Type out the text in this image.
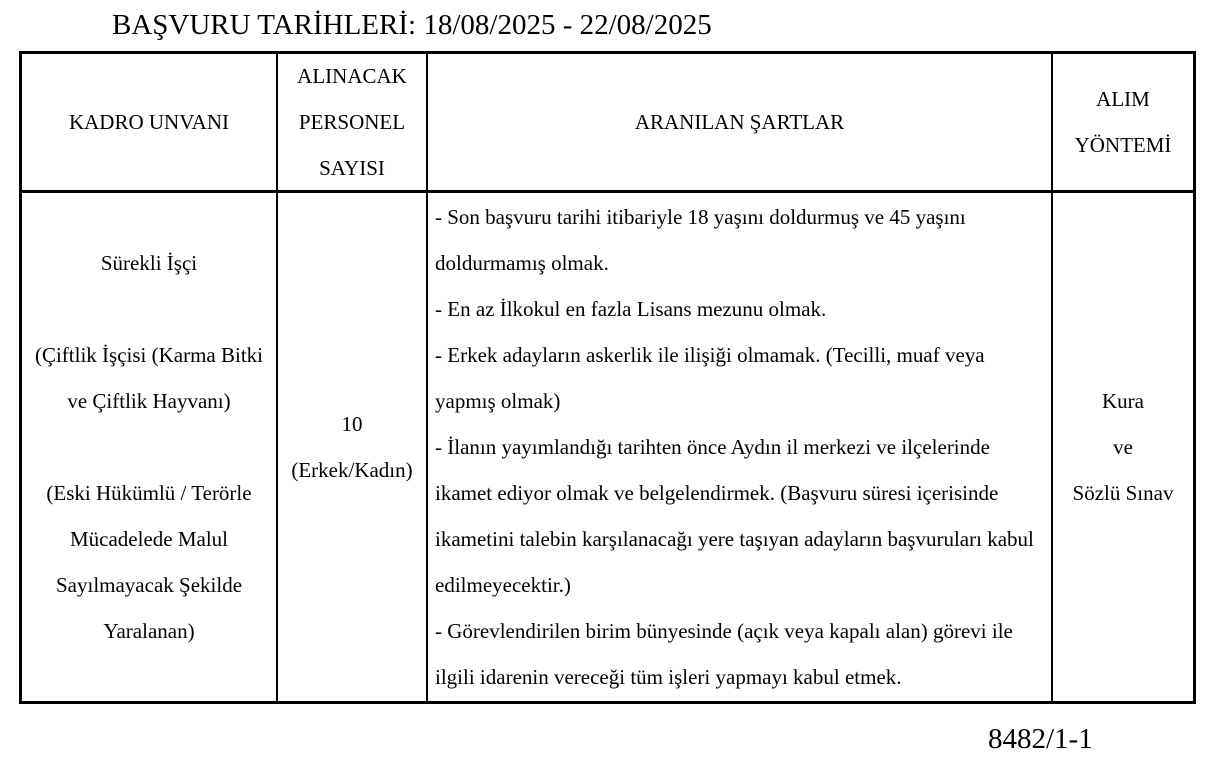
BAŞVURU TARİHLERİ: 18/08/2025 - 22/08/2025
KADRO UNVANI
ALINACAK PERSONEL SAYISI
ARANILAN ŞARTLAR
ALIM YÖNTEMİ

Sürekli İşçi

(Çiftlik İşçisi (Karma Bitki ve Çiftlik Hayvanı)

(Eski Hükümlü / Terörle Mücadelede Malul Sayılmayacak Şekilde Yaralanan)

10

(Erkek/Kadın)

- Son başvuru tarihi itibariyle 18 yaşını doldurmuş ve 45 yaşını doldurmamış olmak.

- En az İlkokul en fazla Lisans mezunu olmak.

- Erkek adayların askerlik ile ilişiği olmamak. (Tecilli, muaf veya yapmış olmak)

- İlanın yayımlandığı tarihten önce Aydın il merkezi ve ilçelerinde ikamet ediyor olmak ve belgelendirmek. (Başvuru süresi içerisinde ikametini talebin karşılanacağı yere taşıyan adayların başvuruları kabul edilmeyecektir.)

- Görevlendirilen birim bünyesinde (açık veya kapalı alan) görevi ile ilgili idarenin vereceği tüm işleri yapmayı kabul etmek.

Kura

ve

Sözlü Sınav

8482/1-1
